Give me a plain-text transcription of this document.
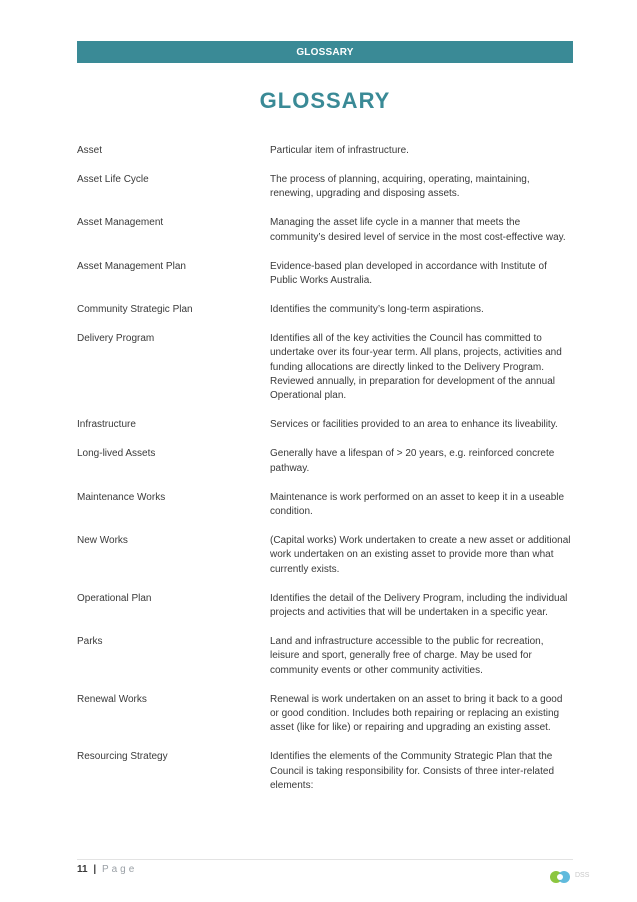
GLOSSARY
GLOSSARY
Asset	Particular item of infrastructure.
Asset Life Cycle	The process of planning, acquiring, operating, maintaining, renewing, upgrading and disposing assets.
Asset Management	Managing the asset life cycle in a manner that meets the community’s desired level of service in the most cost-effective way.
Asset Management Plan	Evidence-based plan developed in accordance with Institute of Public Works Australia.
Community Strategic Plan	Identifies the community’s long-term aspirations.
Delivery Program	Identifies all of the key activities the Council has committed to undertake over its four-year term. All plans, projects, activities and funding allocations are directly linked to the Delivery Program. Reviewed annually, in preparation for development of the annual Operational plan.
Infrastructure	Services or facilities provided to an area to enhance its liveability.
Long-lived Assets	Generally have a lifespan of > 20 years, e.g. reinforced concrete pathway.
Maintenance Works	Maintenance is work performed on an asset to keep it in a useable condition.
New Works	(Capital works) Work undertaken to create a new asset or additional work undertaken on an existing asset to provide more than what currently exists.
Operational Plan	Identifies the detail of the Delivery Program, including the individual projects and activities that will be undertaken in a specific year.
Parks	Land and infrastructure accessible to the public for recreation, leisure and sport, generally free of charge. May be used for community events or other community activities.
Renewal Works	Renewal is work undertaken on an asset to bring it back to a good or good condition. Includes both repairing or replacing an existing asset (like for like) or repairing and upgrading an existing asset.
Resourcing Strategy	Identifies the elements of the Community Strategic Plan that the Council is taking responsibility for. Consists of three inter-related elements:
11 | Page
DSS
